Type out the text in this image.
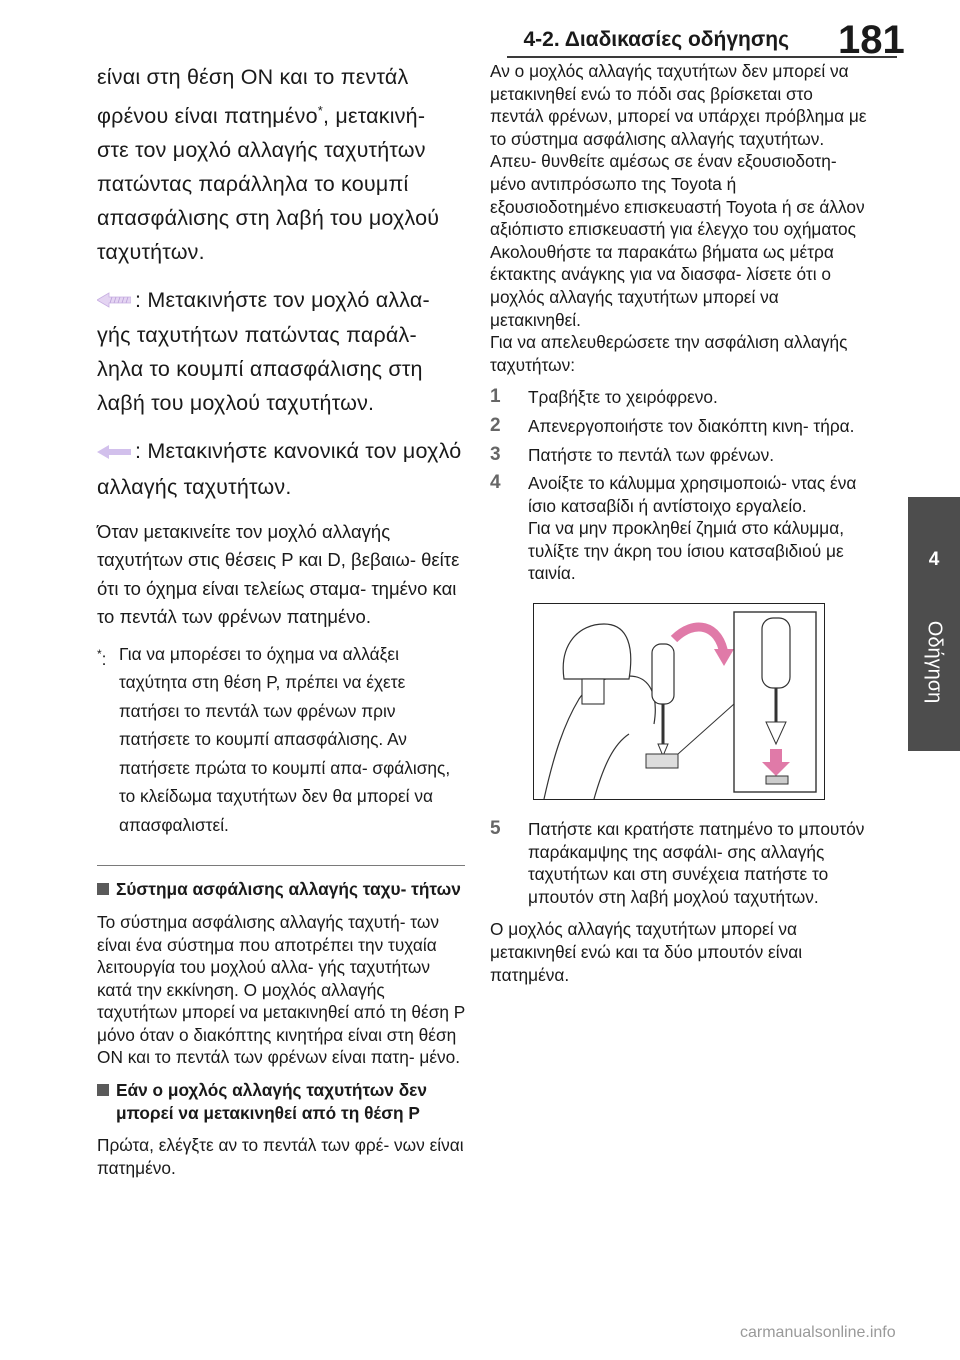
4-2. Διαδικασίες οδήγησης 181
4
Οδήγηση
είναι στη θέση ON και το πεντάλ
φρένου είναι πατημένο*, μετακινή-
στε τον μοχλό αλλαγής ταχυτήτων
πατώντας παράλληλα το κουμπί
απασφάλισης στη λαβή του μοχλού
ταχυτήτων.
: Μετακινήστε τον μοχλό αλλα- γής ταχυτήτων πατώντας παράλ- ληλα το κουμπί απασφάλισης στη λαβή του μοχλού ταχυτήτων.
: Μετακινήστε κανονικά τον μοχλό αλλαγής ταχυτήτων.
Όταν μετακινείτε τον μοχλό αλλαγής ταχυτήτων στις θέσεις P και D, βεβαιω- θείτε ότι το όχημα είναι τελείως σταμα- τημένο και το πεντάλ των φρένων πατημένο.
*: Για να μπορέσει το όχημα να αλλάξει ταχύτητα στη θέση P, πρέπει να έχετε πατήσει το πεντάλ των φρένων πριν πατήσετε το κουμπί απασφάλισης. Αν πατήσετε πρώτα το κουμπί απα- σφάλισης, το κλείδωμα ταχυτήτων δεν θα μπορεί να απασφαλιστεί.
Σύστημα ασφάλισης αλλαγής ταχυ- τήτων
Το σύστημα ασφάλισης αλλαγής ταχυτή- των είναι ένα σύστημα που αποτρέπει την τυχαία λειτουργία του μοχλού αλλα- γής ταχυτήτων κατά την εκκίνηση. Ο μοχλός αλλαγής ταχυτήτων μπορεί να μετακινηθεί από τη θέση P μόνο όταν ο διακόπτης κινητήρα είναι στη θέση ON και το πεντάλ των φρένων είναι πατη- μένο.
Εάν ο μοχλός αλλαγής ταχυτήτων δεν μπορεί να μετακινηθεί από τη θέση P
Πρώτα, ελέγξτε αν το πεντάλ των φρέ- νων είναι πατημένο.
Αν ο μοχλός αλλαγής ταχυτήτων δεν μπορεί να μετακινηθεί ενώ το πόδι σας βρίσκεται στο πεντάλ φρένων, μπορεί να υπάρχει πρόβλημα με το σύστημα ασφάλισης αλλαγής ταχυτήτων. Απευ- θυνθείτε αμέσως σε έναν εξουσιοδοτη- μένο αντιπρόσωπο της Toyota ή εξουσιοδοτημένο επισκευαστή Toyota ή σε άλλον αξιόπιστο επισκευαστή για έλεγχο του οχήματος
Ακολουθήστε τα παρακάτω βήματα ως μέτρα έκτακτης ανάγκης για να διασφα- λίσετε ότι ο μοχλός αλλαγής ταχυτήτων μπορεί να μετακινηθεί.
Για να απελευθερώσετε την ασφάλιση αλλαγής ταχυτήτων:
1 Τραβήξτε το χειρόφρενο.
2 Απενεργοποιήστε τον διακόπτη κινη- τήρα.
3 Πατήστε το πεντάλ των φρένων.
4 Ανοίξτε το κάλυμμα χρησιμοποιώ- ντας ένα ίσιο κατσαβίδι ή αντίστοιχο εργαλείο.
Για να μην προκληθεί ζημιά στο κάλυμμα, τυλίξτε την άκρη του ίσιου κατσαβιδιού με ταινία.
5 Πατήστε και κρατήστε πατημένο το μπουτόν παράκαμψης της ασφάλι- σης αλλαγής ταχυτήτων και στη συνέχεια πατήστε το μπουτόν στη λαβή μοχλού ταχυτήτων.
Ο μοχλός αλλαγής ταχυτήτων μπορεί να μετακινηθεί ενώ και τα δύο μπουτόν είναι πατημένα.
carmanualsonline.info
